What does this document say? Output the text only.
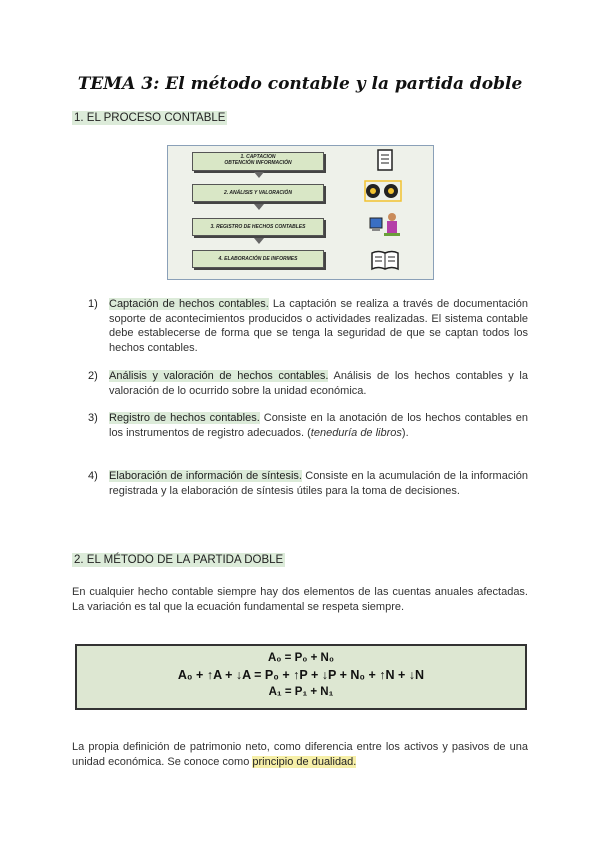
TEMA 3: El método contable y la partida doble
1. EL PROCESO CONTABLE
1. CAPTACION
OBTENCIÓN INFORMACIÓN
2. ANÁLISIS Y VALORACIÓN
3. REGISTRO DE HECHOS CONTABLES
4. ELABORACIÓN DE INFORMES
1) Captación de hechos contables. La captación se realiza a través de documentación soporte de acontecimientos producidos o actividades realizadas. El sistema contable debe establecerse de forma que se tenga la seguridad de que se captan todos los hechos contables.
2) Análisis y valoración de hechos contables. Análisis de los hechos contables y la valoración de lo ocurrido sobre la unidad económica.
3) Registro de hechos contables. Consiste en la anotación de los hechos contables en los instrumentos de registro adecuados. (teneduría de libros).
4) Elaboración de información de síntesis. Consiste en la acumulación de la información registrada y la elaboración de síntesis útiles para la toma de decisiones.
2. EL MÉTODO DE LA PARTIDA DOBLE
En cualquier hecho contable siempre hay dos elementos de las cuentas anuales afectadas. La variación es tal que la ecuación fundamental se respeta siempre.
A₀ = P₀ + N₀
A₀ + ↑A + ↓A = P₀ + ↑P + ↓P + N₀ + ↑N + ↓N
A₁ = P₁ + N₁
La propia definición de patrimonio neto, como diferencia entre los activos y pasivos de una unidad económica. Se conoce como principio de dualidad.
